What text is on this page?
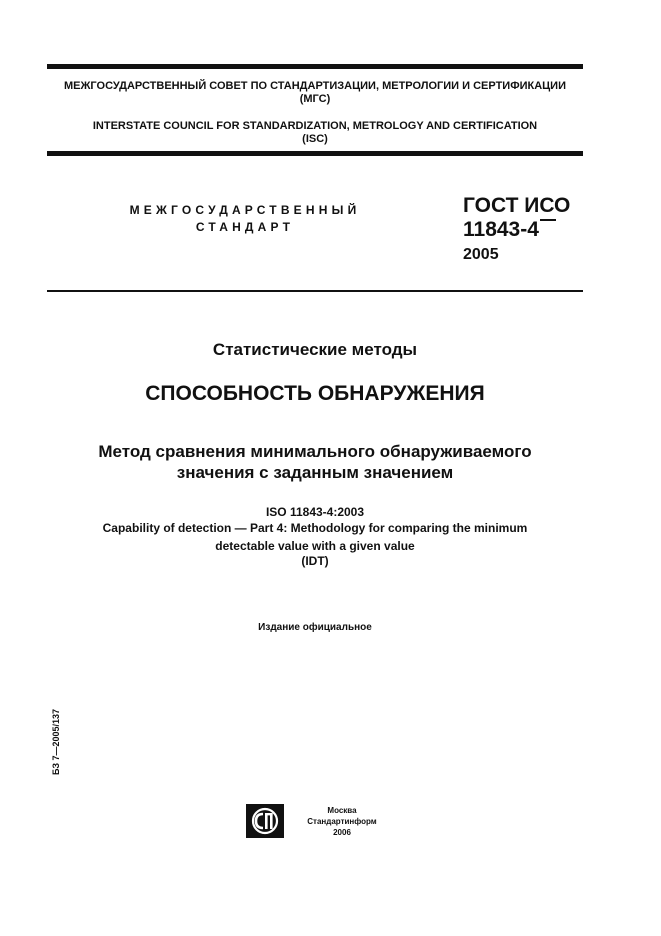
МЕЖГОСУДАРСТВЕННЫЙ СОВЕТ ПО СТАНДАРТИЗАЦИИ, МЕТРОЛОГИИ И СЕРТИФИКАЦИИ
(МГС)
INTERSTATE COUNCIL FOR STANDARDIZATION, METROLOGY AND CERTIFICATION
(ISC)
МЕЖГОСУДАРСТВЕННЫЙ
СТАНДАРТ
ГОСТ ИСО
11843-4
2005
Статистические методы
СПОСОБНОСТЬ ОБНАРУЖЕНИЯ
Метод сравнения минимального обнаруживаемого
значения с заданным значением
ISO 11843-4:2003
Capability of detection — Part 4: Methodology for comparing the minimum
detectable value with a given value
(IDT)
Издание официальное
БЗ 7—2005/137
Москва
Стандартинформ
2006
